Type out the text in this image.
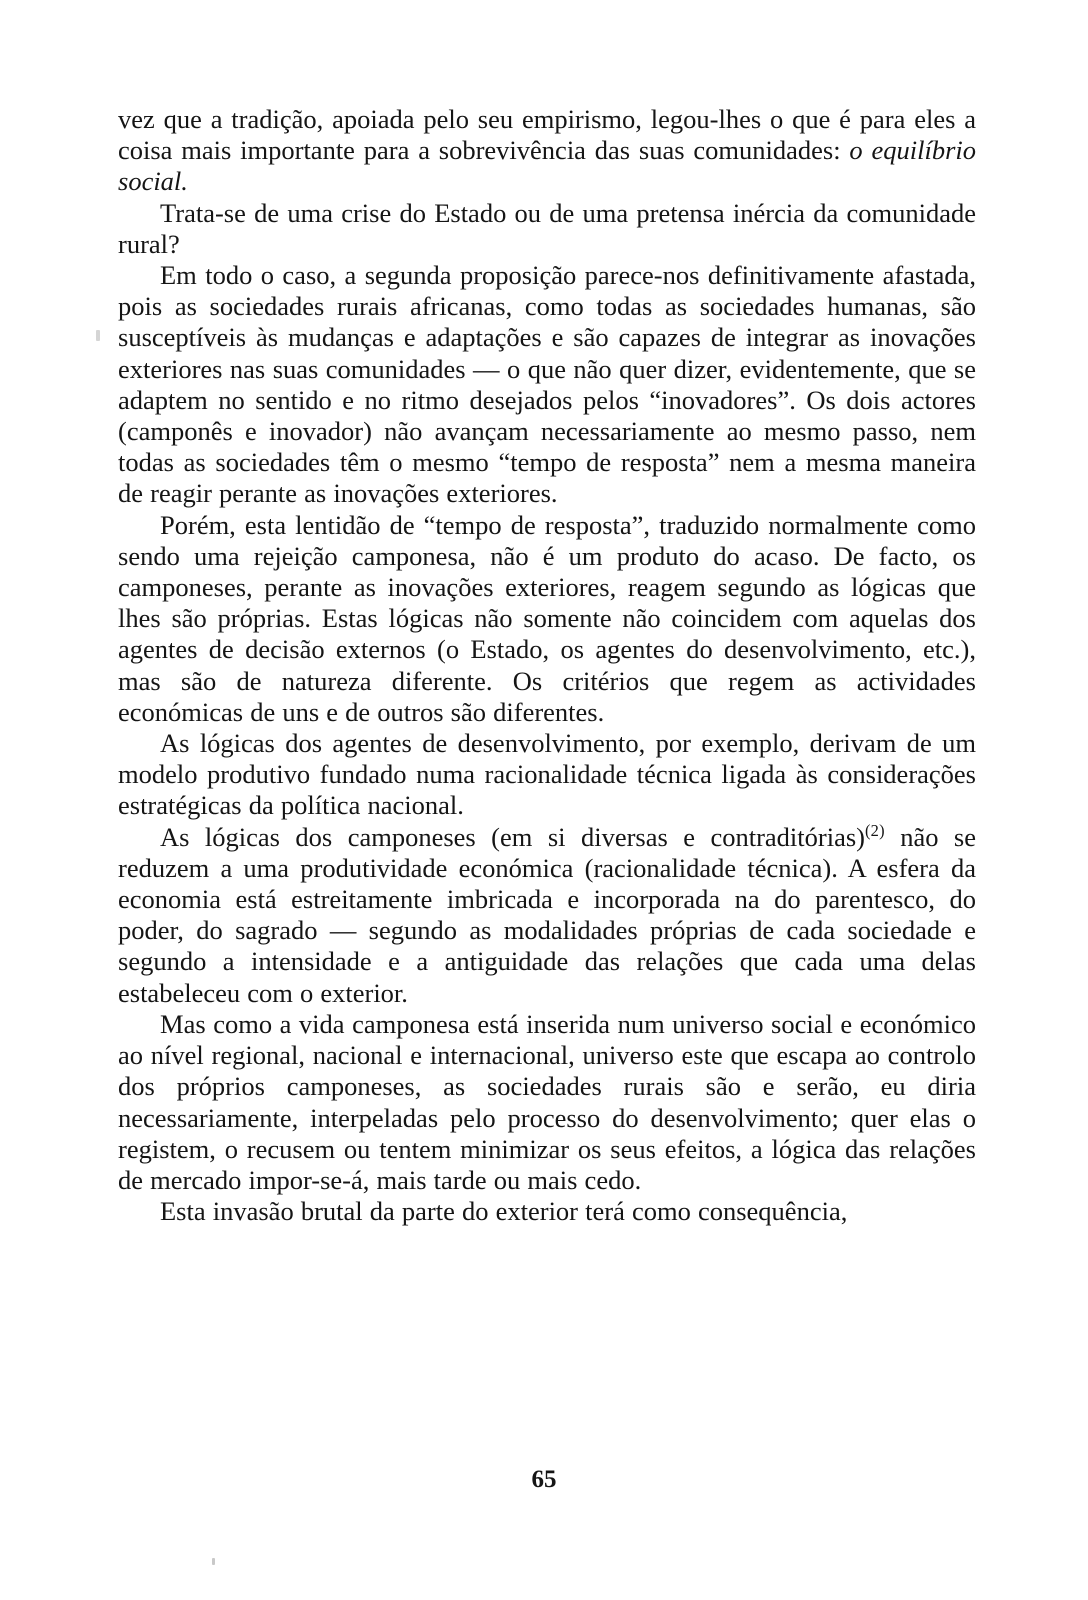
vez que a tradição, apoiada pelo seu empirismo, legou-lhes o que é para eles a coisa mais importante para a sobrevivência das suas comunidades: o equilíbrio social.

Trata-se de uma crise do Estado ou de uma pretensa inércia da comunidade rural?

Em todo o caso, a segunda proposição parece-nos definitivamente afastada, pois as sociedades rurais africanas, como todas as sociedades humanas, são susceptíveis às mudanças e adaptações e são capazes de integrar as inovações exteriores nas suas comunidades — o que não quer dizer, evidentemente, que se adaptem no sentido e no ritmo desejados pelos “inovadores”. Os dois actores (camponês e inovador) não avançam necessariamente ao mesmo passo, nem todas as sociedades têm o mesmo “tempo de resposta” nem a mesma maneira de reagir perante as inovações exteriores.

Porém, esta lentidão de “tempo de resposta”, traduzido normalmente como sendo uma rejeição camponesa, não é um produto do acaso. De facto, os camponeses, perante as inovações exteriores, reagem segundo as lógicas que lhes são próprias. Estas lógicas não somente não coincidem com aquelas dos agentes de decisão externos (o Estado, os agentes do desenvolvimento, etc.), mas são de natureza diferente. Os critérios que regem as actividades económicas de uns e de outros são diferentes.

As lógicas dos agentes de desenvolvimento, por exemplo, derivam de um modelo produtivo fundado numa racionalidade técnica ligada às considerações estratégicas da política nacional.

As lógicas dos camponeses (em si diversas e contraditórias)$^{(2)}$ não se reduzem a uma produtividade económica (racionalidade técnica). A esfera da economia está estreitamente imbricada e incorporada na do parentesco, do poder, do sagrado — segundo as modalidades próprias de cada sociedade e segundo a intensidade e a antiguidade das relações que cada uma delas estabeleceu com o exterior.

Mas como a vida camponesa está inserida num universo social e económico ao nível regional, nacional e internacional, universo este que escapa ao controlo dos próprios camponeses, as sociedades rurais são e serão, eu diria necessariamente, interpeladas pelo processo do desenvolvimento; quer elas o registem, o recusem ou tentem minimizar os seus efeitos, a lógica das relações de mercado impor-se-á, mais tarde ou mais cedo.

Esta invasão brutal da parte do exterior terá como consequência,

65
